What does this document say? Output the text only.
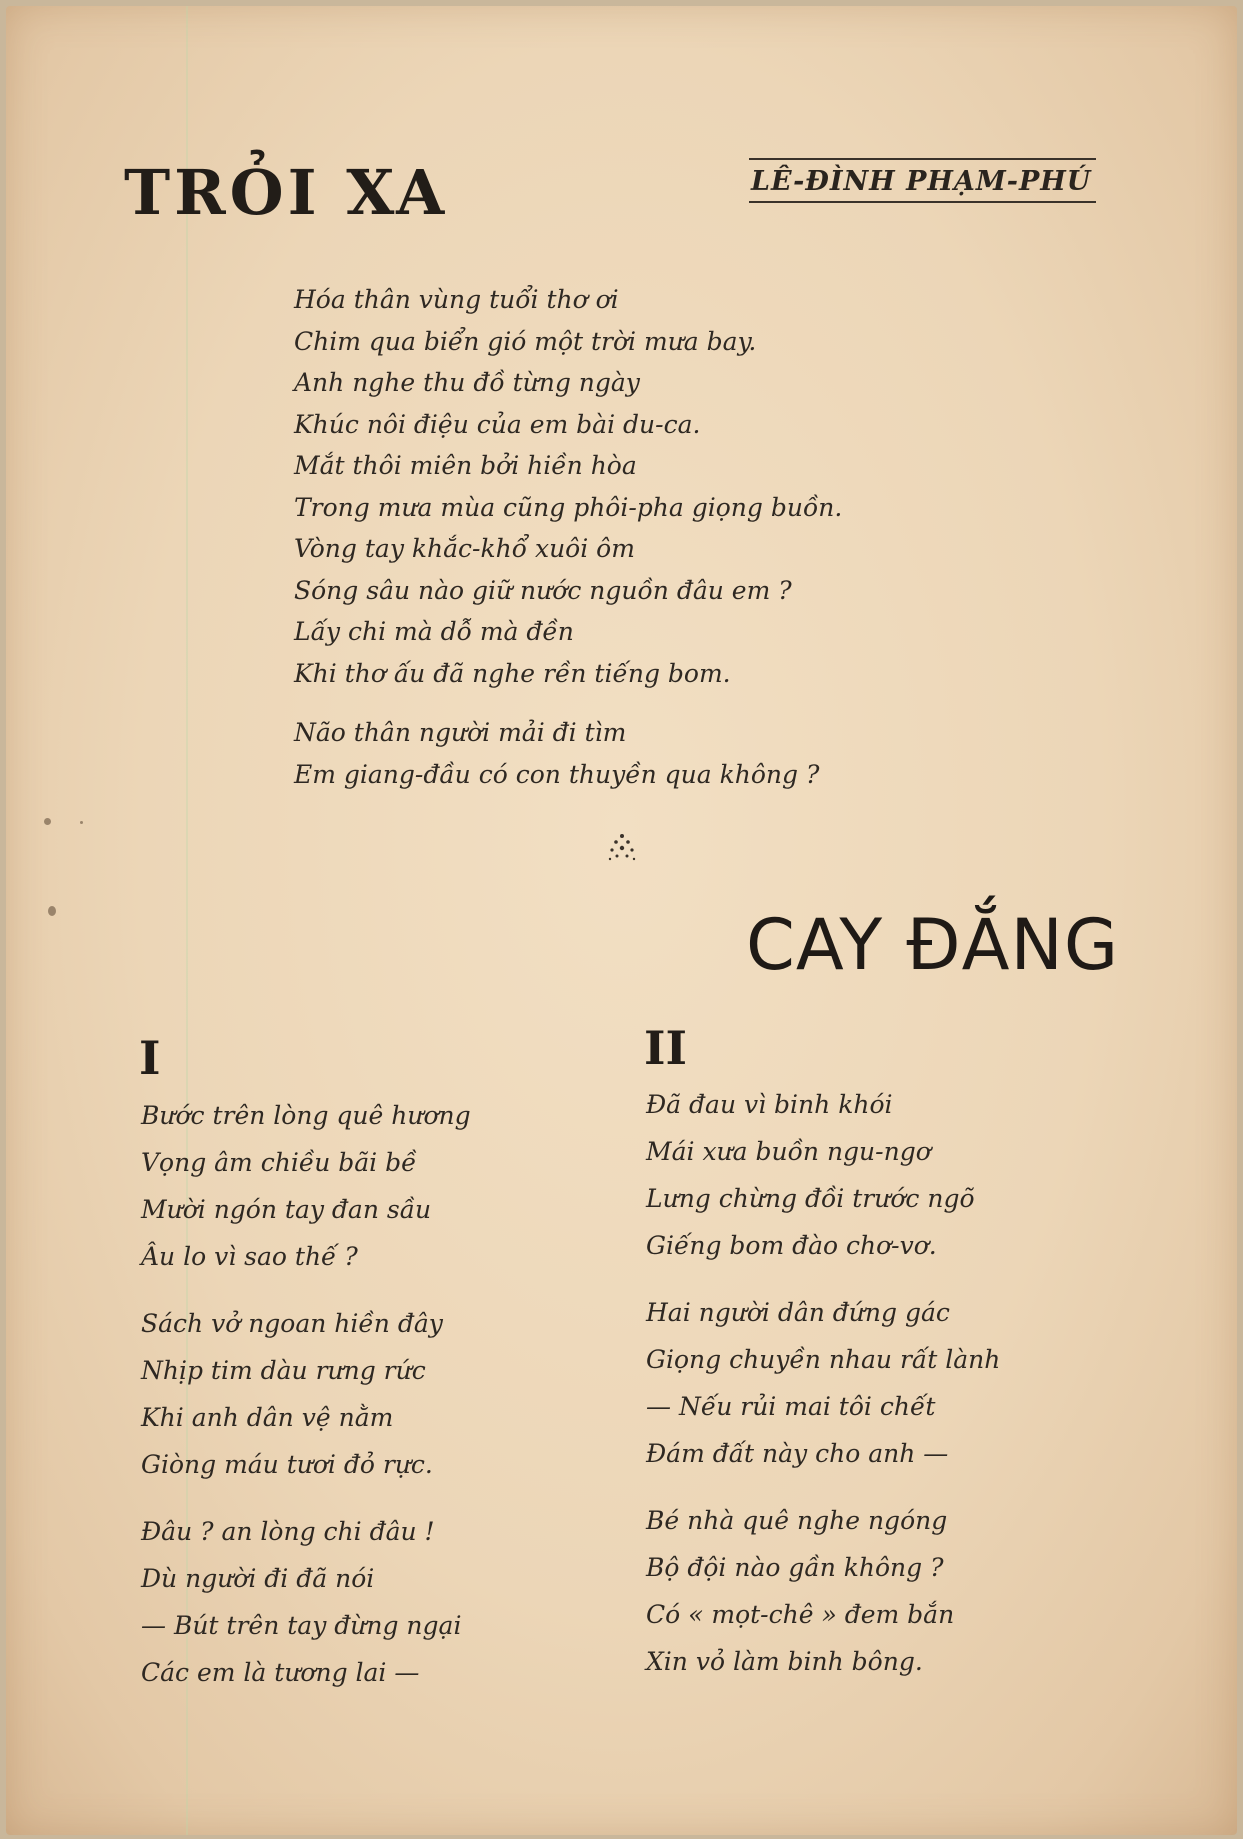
TRỎI XA	LÊ-ĐÌNH PHẠM-PHÚ
Hóa thân vùng tuổi thơ ơi
Chim qua biển gió một trời mưa bay.
Anh nghe thu đồ từng ngày
Khúc nôi điệu của em bài du-ca.
Mắt thôi miên bởi hiền hòa
Trong mưa mùa cũng phôi-pha giọng buồn.
Vòng tay khắc-khổ xuôi ôm
Sóng sâu nào giữ nước nguồn đâu em ?
Lấy chi mà dỗ mà đền
Khi thơ ấu đã nghe rền tiếng bom.
Não thân người mải đi tìm
Em giang-đầu có con thuyền qua không ?
CAY ĐẮNG
I	II
Bước trên lòng quê hương
Vọng âm chiều bãi bề
Mười ngón tay đan sầu
Âu lo vì sao thế ?
Sách vở ngoan hiền đây
Nhịp tim dàu rưng rức
Khi anh dân vệ nằm
Giòng máu tươi đỏ rực.
Đâu ? an lòng chi đâu !
Dù người đi đã nói
— Bút trên tay đừng ngại
Các em là tương lai —
Đã đau vì binh khói
Mái xưa buồn ngu-ngơ
Lưng chừng đồi trước ngõ
Giếng bom đào chơ-vơ.
Hai người dân đứng gác
Giọng chuyền nhau rất lành
— Nếu rủi mai tôi chết
Đám đất này cho anh —
Bé nhà quê nghe ngóng
Bộ đội nào gần không ?
Có « mọt-chê » đem bắn
Xin vỏ làm binh bông.
